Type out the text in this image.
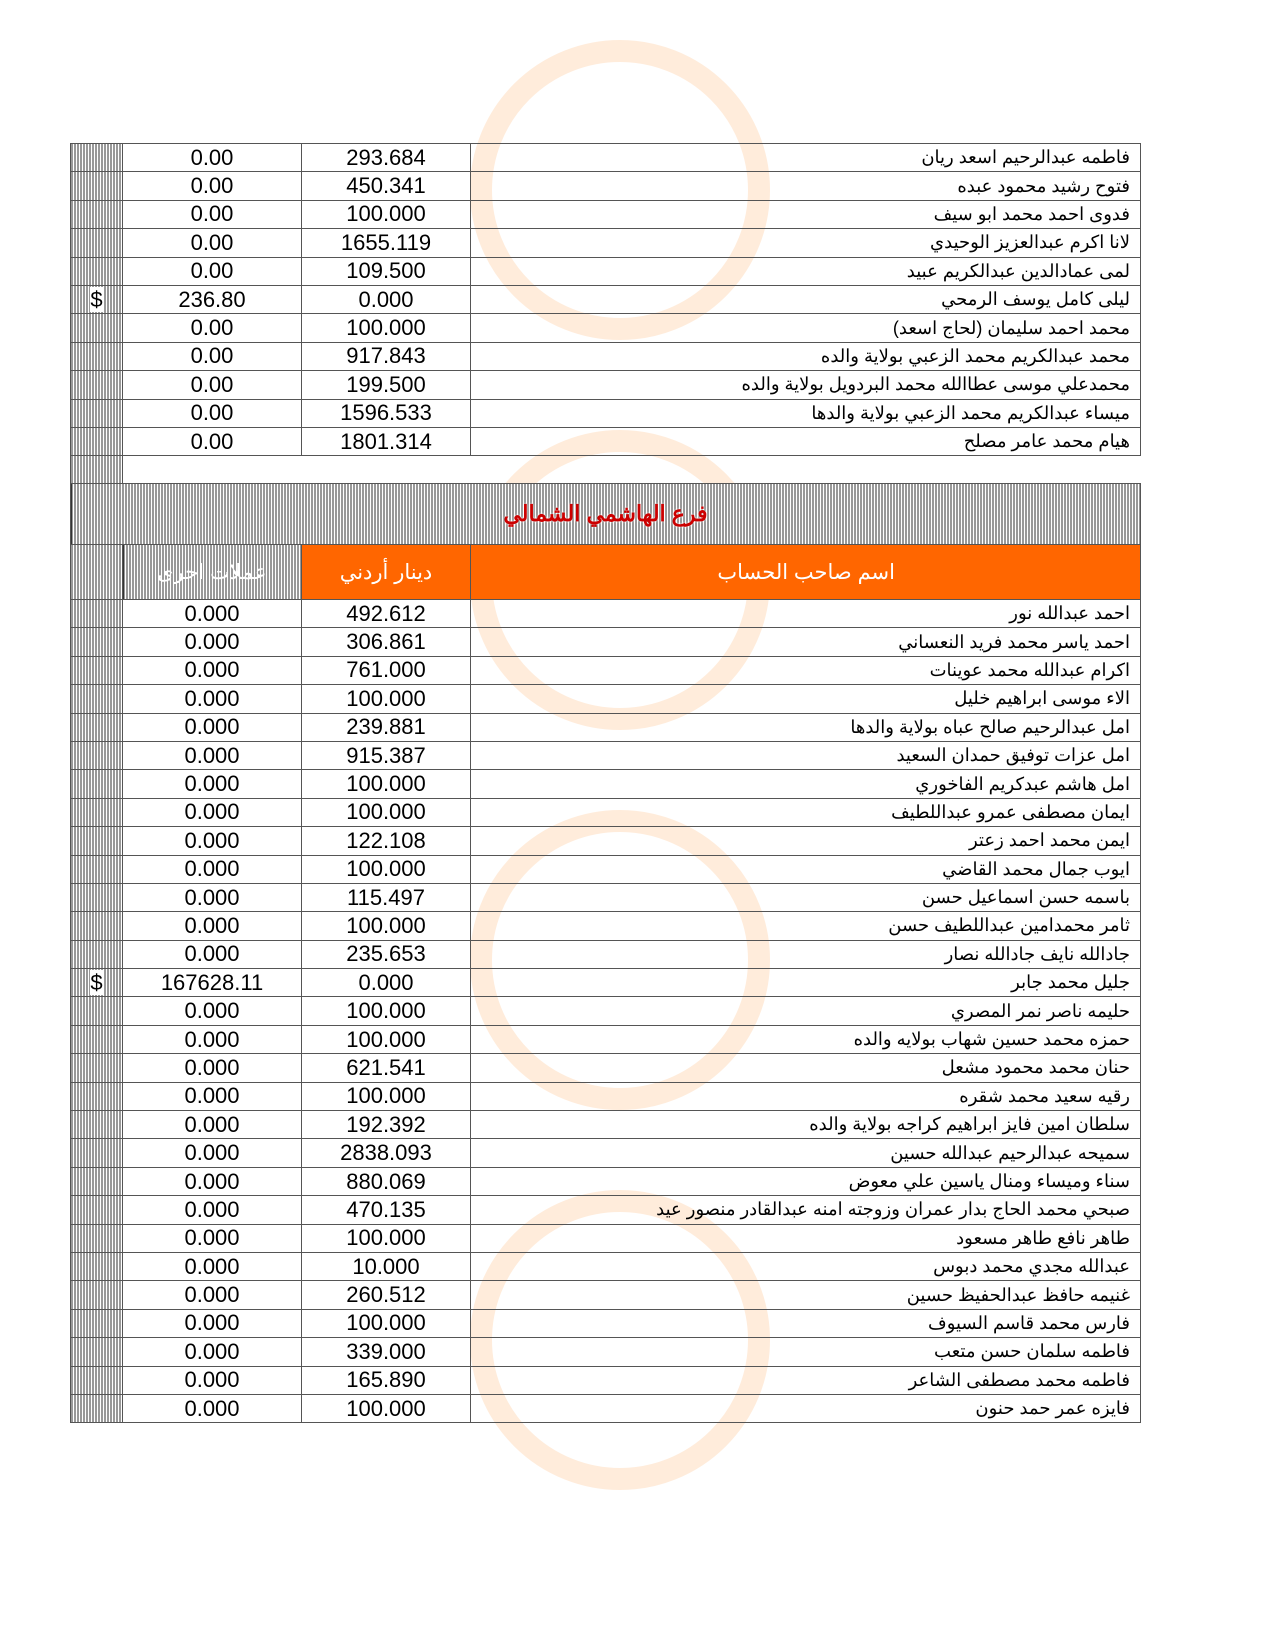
	0.00	293.684	فاطمه عبدالرحيم اسعد ريان
	0.00	450.341	فتوح رشيد محمود عبده
	0.00	100.000	فدوى احمد محمد ابو سيف
	0.00	1655.119	لانا اكرم عبدالعزيز الوحيدي
	0.00	109.500	لمى عمادالدين عبدالكريم عبيد
$	236.80	0.000	ليلى كامل يوسف الرمحي
	0.00	100.000	محمد احمد سليمان (لحاج اسعد)
	0.00	917.843	محمد عبدالكريم محمد الزعبي بولاية والده
	0.00	199.500	محمدعلي موسى عطاالله محمد البردويل بولاية والده
	0.00	1596.533	ميساء عبدالكريم محمد الزعبي بولاية والدها
	0.00	1801.314	هيام محمد عامر مصلح

فرع الهاشمي الشمالي			
	عملات اخرى	دينار أردني	اسم صاحب الحساب
	0.000	492.612	احمد عبدالله نور
	0.000	306.861	احمد ياسر محمد فريد النعساني
	0.000	761.000	اكرام عبدالله محمد عوينات
	0.000	100.000	الاء موسى ابراهيم خليل
	0.000	239.881	امل عبدالرحيم صالح عباه بولاية والدها
	0.000	915.387	امل عزات توفيق حمدان السعيد
	0.000	100.000	امل هاشم عبدكريم الفاخوري
	0.000	100.000	ايمان مصطفى عمرو عبداللطيف
	0.000	122.108	ايمن محمد احمد زعتر
	0.000	100.000	ايوب جمال محمد القاضي
	0.000	115.497	باسمه حسن اسماعيل حسن
	0.000	100.000	ثامر محمدامين عبداللطيف حسن
	0.000	235.653	جادالله نايف جادالله نصار
$	167628.11	0.000	جليل محمد جابر
	0.000	100.000	حليمه ناصر نمر المصري
	0.000	100.000	حمزه محمد حسين شهاب بولايه والده
	0.000	621.541	حنان محمد محمود مشعل
	0.000	100.000	رقيه سعيد محمد شقره
	0.000	192.392	سلطان امين فايز ابراهيم كراجه بولاية والده
	0.000	2838.093	سميحه عبدالرحيم عبدالله حسين
	0.000	880.069	سناء وميساء ومنال ياسين علي معوض
	0.000	470.135	صبحي محمد الحاج بدار عمران وزوجته امنه عبدالقادر منصور عيد
	0.000	100.000	طاهر نافع طاهر مسعود
	0.000	10.000	عبدالله مجدي محمد دبوس
	0.000	260.512	غنيمه حافظ عبدالحفيظ حسين
	0.000	100.000	فارس محمد قاسم السيوف
	0.000	339.000	فاطمه سلمان حسن متعب
	0.000	165.890	فاطمه محمد مصطفى الشاعر
	0.000	100.000	فايزه عمر حمد حنون
